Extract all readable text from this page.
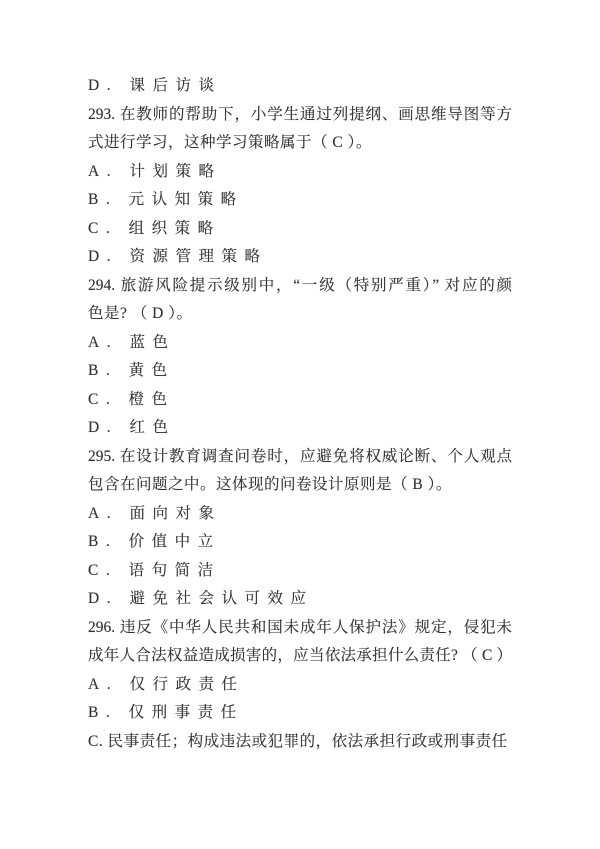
D. 课后访谈
293. 在教师的帮助下，小学生通过列提纲、画思维导图等方
式进行学习，这种学习策略属于（ C ）。
A. 计划策略
B. 元认知策略
C. 组织策略
D. 资源管理策略
294. 旅游风险提示级别中，“一级（特别严重）” 对应的颜
色是? （ D ）。
A. 蓝色
B. 黄色
C. 橙色
D. 红色
295. 在设计教育调查问卷时，应避免将权威论断、个人观点
包含在问题之中。这体现的问卷设计原则是（ B ）。
A. 面向对象
B. 价值中立
C. 语句简洁
D. 避免社会认可效应
296. 违反《中华人民共和国未成年人保护法》规定，侵犯未
成年人合法权益造成损害的，应当依法承担什么责任? （ C ）
A. 仅行政责任
B. 仅刑事责任
C. 民事责任；构成违法或犯罪的，依法承担行政或刑事责任
